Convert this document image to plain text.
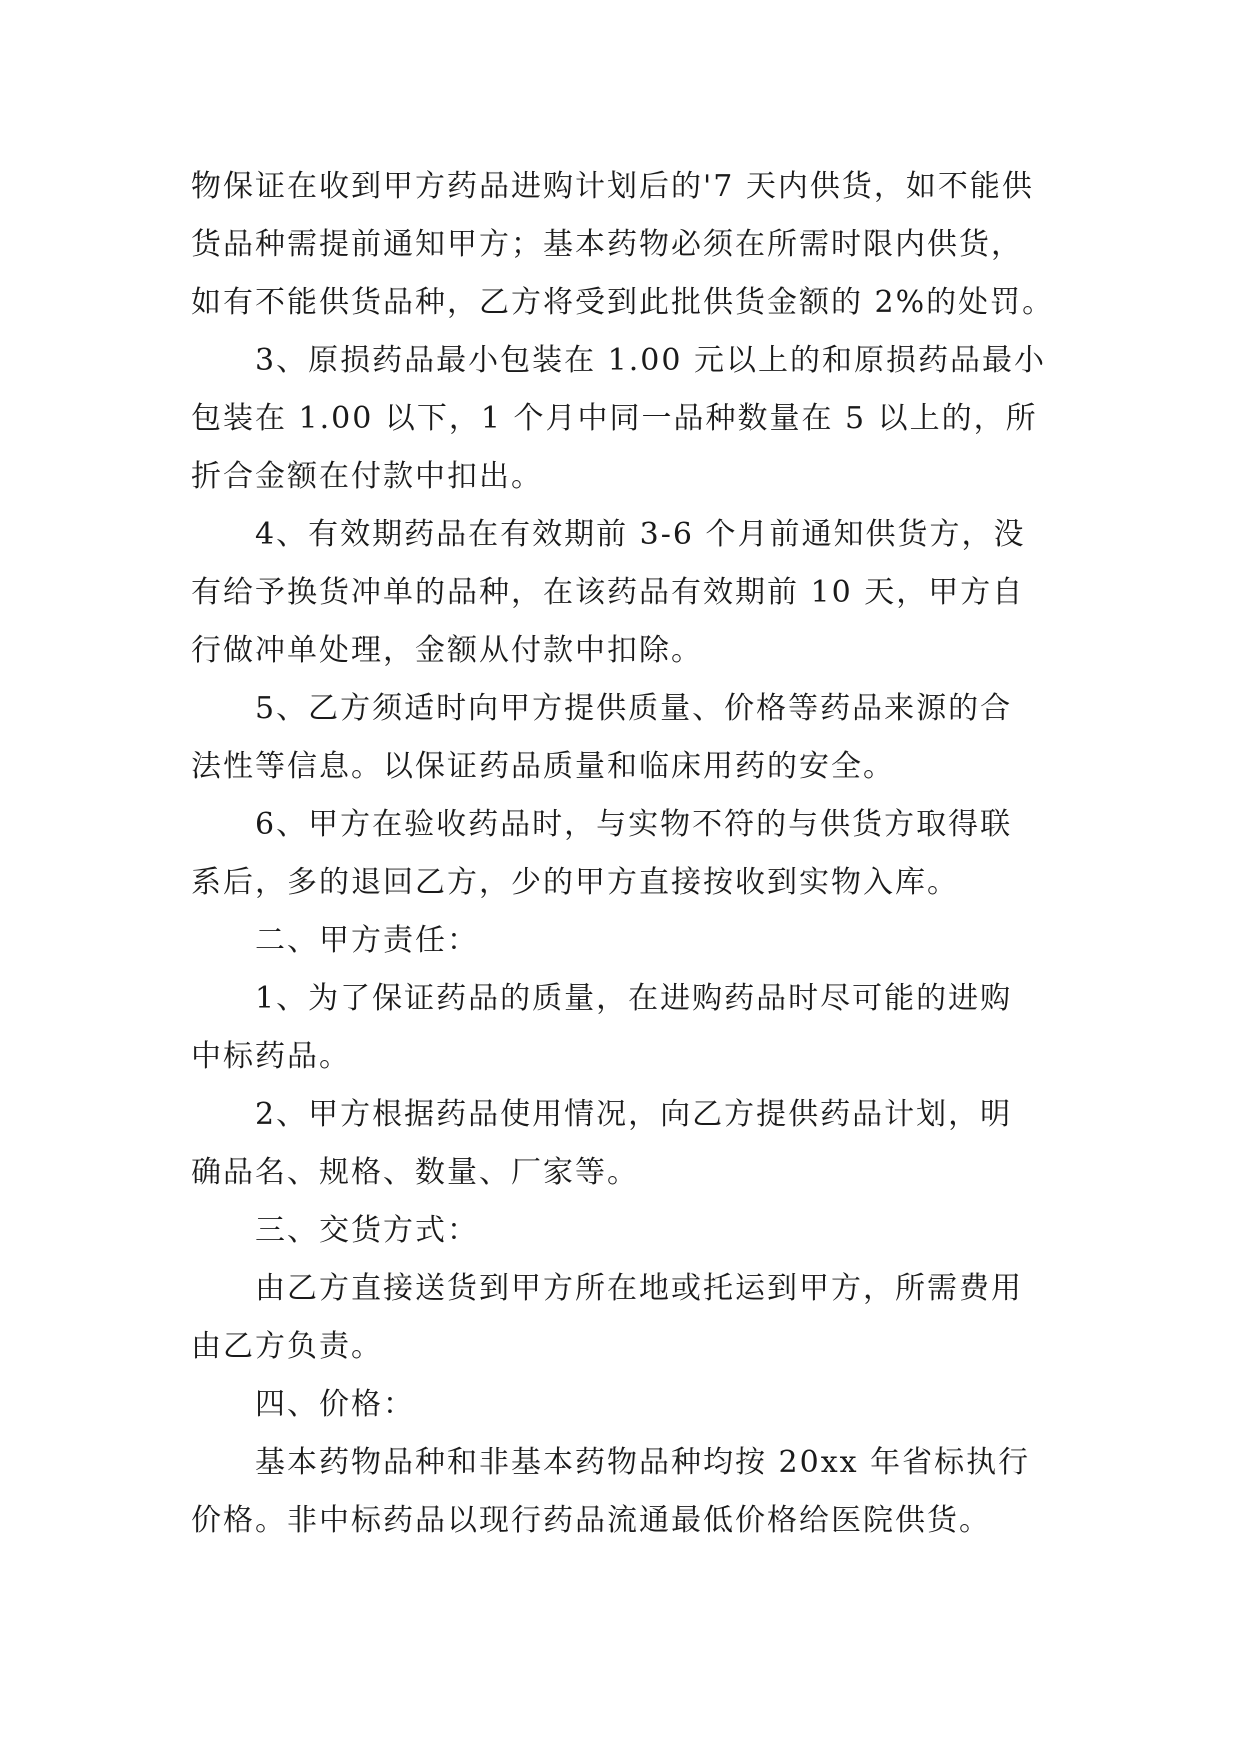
物保证在收到甲方药品进购计划后的'7 天内供货，如不能供
货品种需提前通知甲方；基本药物必须在所需时限内供货，
如有不能供货品种，乙方将受到此批供货金额的 2%的处罚。
3、原损药品最小包装在 1.00 元以上的和原损药品最小
包装在 1.00 以下，1 个月中同一品种数量在 5 以上的，所
折合金额在付款中扣出。
4、有效期药品在有效期前 3-6 个月前通知供货方，没
有给予换货冲单的品种，在该药品有效期前 10 天，甲方自
行做冲单处理，金额从付款中扣除。
5、乙方须适时向甲方提供质量、价格等药品来源的合
法性等信息。以保证药品质量和临床用药的安全。
6、甲方在验收药品时，与实物不符的与供货方取得联
系后，多的退回乙方，少的甲方直接按收到实物入库。
二、甲方责任：
1、为了保证药品的质量，在进购药品时尽可能的进购
中标药品。
2、甲方根据药品使用情况，向乙方提供药品计划，明
确品名、规格、数量、厂家等。
三、交货方式：
由乙方直接送货到甲方所在地或托运到甲方，所需费用
由乙方负责。
四、价格：
基本药物品种和非基本药物品种均按 20xx 年省标执行
价格。非中标药品以现行药品流通最低价格给医院供货。
